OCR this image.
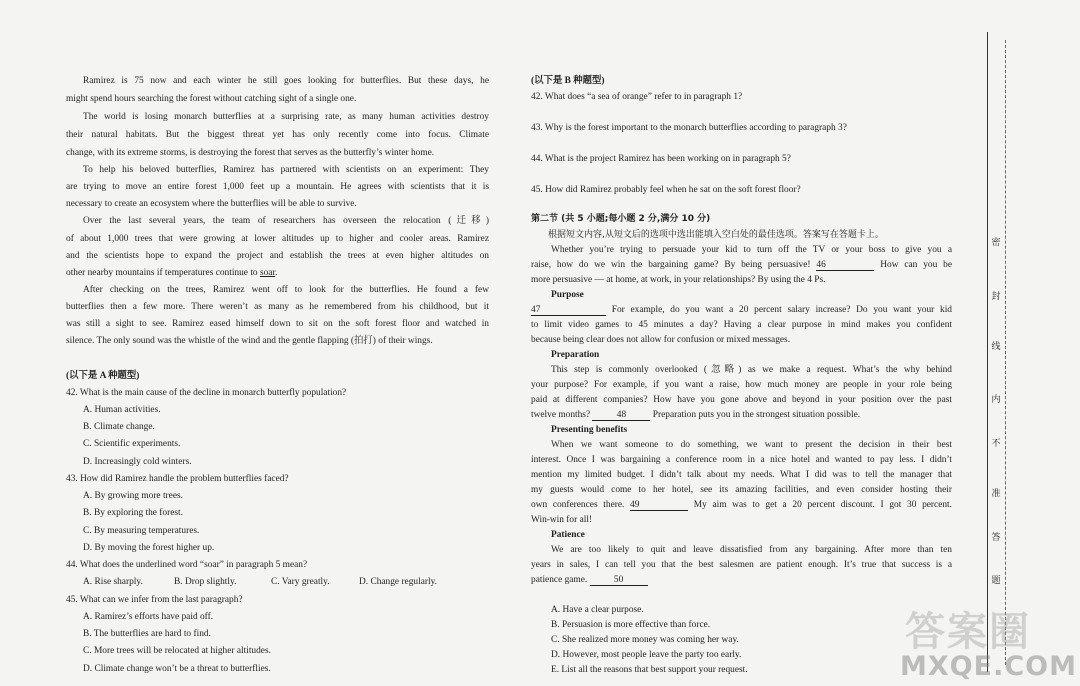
Ramirez is 75 now and each winter he still goes looking for butterflies. But these days, he
might spend hours searching the forest without catching sight of a single one.
The world is losing monarch butterflies at a surprising rate, as many human activities destroy
their natural habitats. But the biggest threat yet has only recently come into focus. Climate
change, with its extreme storms, is destroying the forest that serves as the butterfly’s winter home.
To help his beloved butterflies, Ramirez has partnered with scientists on an experiment: They
are trying to move an entire forest 1,000 feet up a mountain. He agrees with scientists that it is
necessary to create an ecosystem where the butterflies will be able to survive.
Over the last several years, the team of researchers has overseen the relocation (迁移)
of about 1,000 trees that were growing at lower altitudes up to higher and cooler areas. Ramirez
and the scientists hope to expand the project and establish the trees at even higher altitudes on
other nearby mountains if temperatures continue to soar.
After checking on the trees, Ramirez went off to look for the butterflies. He found a few
butterflies then a few more. There weren’t as many as he remembered from his childhood, but it
was still a sight to see. Ramirez eased himself down to sit on the soft forest floor and watched in
silence. The only sound was the whistle of the wind and the gentle flapping (拍打) of their wings.
(以下是 A 种题型)
42. What is the main cause of the decline in monarch butterfly population?
A. Human activities.
B. Climate change.
C. Scientific experiments.
D. Increasingly cold winters.
43. How did Ramirez handle the problem butterflies faced?
A. By growing more trees.
B. By exploring the forest.
C. By measuring temperatures.
D. By moving the forest higher up.
44. What does the underlined word “soar” in paragraph 5 mean?
A. Rise sharply.	B. Drop slightly.	C. Vary greatly.	D. Change regularly.
45. What can we infer from the last paragraph?
A. Ramirez’s efforts have paid off.
B. The butterflies are hard to find.
C. More trees will be relocated at higher altitudes.
D. Climate change won’t be a threat to butterflies.
(以下是 B 种题型)
42. What does “a sea of orange” refer to in paragraph 1?
43. Why is the forest important to the monarch butterflies according to paragraph 3?
44. What is the project Ramirez has been working on in paragraph 5?
45. How did Ramirez probably feel when he sat on the soft forest floor?
第二节 (共 5 小题;每小题 2 分,满分 10 分)
根据短文内容,从短文后的选项中选出能填入空白处的最佳选项。答案写在答题卡上。
Whether you’re trying to persuade your kid to turn off the TV or your boss to give you a
raise, how do we win the bargaining game? By being persuasive! 46	How can you be
more persuasive — at home, at work, in your relationships? By using the 4 Ps.
Purpose
47	For example, do you want a 20 percent salary increase? Do you want your kid
to limit video games to 45 minutes a day? Having a clear purpose in mind makes you confident
because being clear does not allow for confusion or mixed messages.
Preparation
This step is commonly overlooked (忽略) as we make a request. What’s the why behind
your purpose? For example, if you want a raise, how much money are people in your role being
paid at different companies? How have you gone above and beyond in your position over the past
twelve months?	48	Preparation puts you in the strongest situation possible.
Presenting benefits
When we want someone to do something, we want to present the decision in their best
interest. Once I was bargaining a conference room in a nice hotel and wanted to pay less. I didn’t
mention my limited budget. I didn’t talk about my needs. What I did was to tell the manager that
my guests would come to her hotel, see its amazing facilities, and even consider hosting their
own conferences there. 49	My aim was to get a 20 percent discount. I got 30 percent.
Win-win for all!
Patience
We are too likely to quit and leave dissatisfied from any bargaining. After more than ten
years in sales, I can tell you that the best salesmen are patient enough. It’s true that success is a
patience game.	50
A. Have a clear purpose.
B. Persuasion is more effective than force.
C. She realized more money was coming her way.
D. However, most people leave the party too early.
E. List all the reasons that best support your request.
密
封
线
内
不
准
答
题
答案圈
MXQE.COM
